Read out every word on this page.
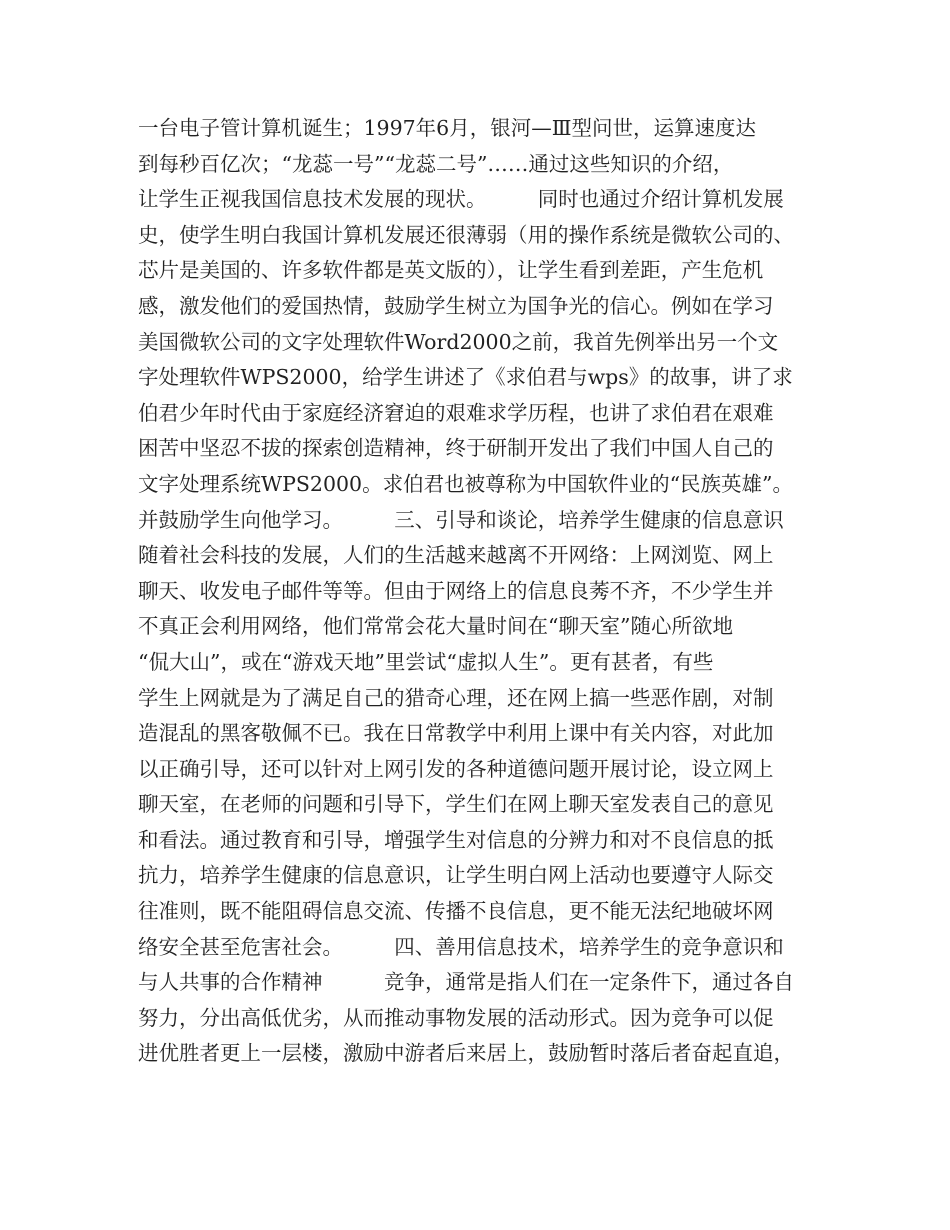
一台电子管计算机诞生；1997年6月，银河—Ⅲ型问世，运算速度达
到每秒百亿次；“龙蕊一号”“龙蕊二号”……通过这些知识的介绍，
让学生正视我国信息技术发展的现状。　　　同时也通过介绍计算机发展
史，使学生明白我国计算机发展还很薄弱（用的操作系统是微软公司的、
芯片是美国的、许多软件都是英文版的），让学生看到差距，产生危机
感，激发他们的爱国热情，鼓励学生树立为国争光的信心。例如在学习
美国微软公司的文字处理软件Word2000之前，我首先例举出另一个文
字处理软件WPS2000，给学生讲述了《求伯君与wps》的故事，讲了求
伯君少年时代由于家庭经济窘迫的艰难求学历程，也讲了求伯君在艰难
困苦中坚忍不拔的探索创造精神，终于研制开发出了我们中国人自己的
文字处理系统WPS2000。求伯君也被尊称为中国软件业的“民族英雄”。
并鼓励学生向他学习。　　　三、引导和谈论，培养学生健康的信息意识
随着社会科技的发展，人们的生活越来越离不开网络：上网浏览、网上
聊天、收发电子邮件等等。但由于网络上的信息良莠不齐，不少学生并
不真正会利用网络，他们常常会花大量时间在“聊天室”随心所欲地
“侃大山”，或在“游戏天地”里尝试“虚拟人生”。更有甚者，有些
学生上网就是为了满足自己的猎奇心理，还在网上搞一些恶作剧，对制
造混乱的黑客敬佩不已。我在日常教学中利用上课中有关内容，对此加
以正确引导，还可以针对上网引发的各种道德问题开展讨论，设立网上
聊天室，在老师的问题和引导下，学生们在网上聊天室发表自己的意见
和看法。通过教育和引导，增强学生对信息的分辨力和对不良信息的抵
抗力，培养学生健康的信息意识，让学生明白网上活动也要遵守人际交
往准则，既不能阻碍信息交流、传播不良信息，更不能无法纪地破坏网
络安全甚至危害社会。　　　四、善用信息技术，培养学生的竞争意识和
与人共事的合作精神　　　竞争，通常是指人们在一定条件下，通过各自
努力，分出高低优劣，从而推动事物发展的活动形式。因为竞争可以促
进优胜者更上一层楼，激励中游者后来居上，鼓励暂时落后者奋起直追，
